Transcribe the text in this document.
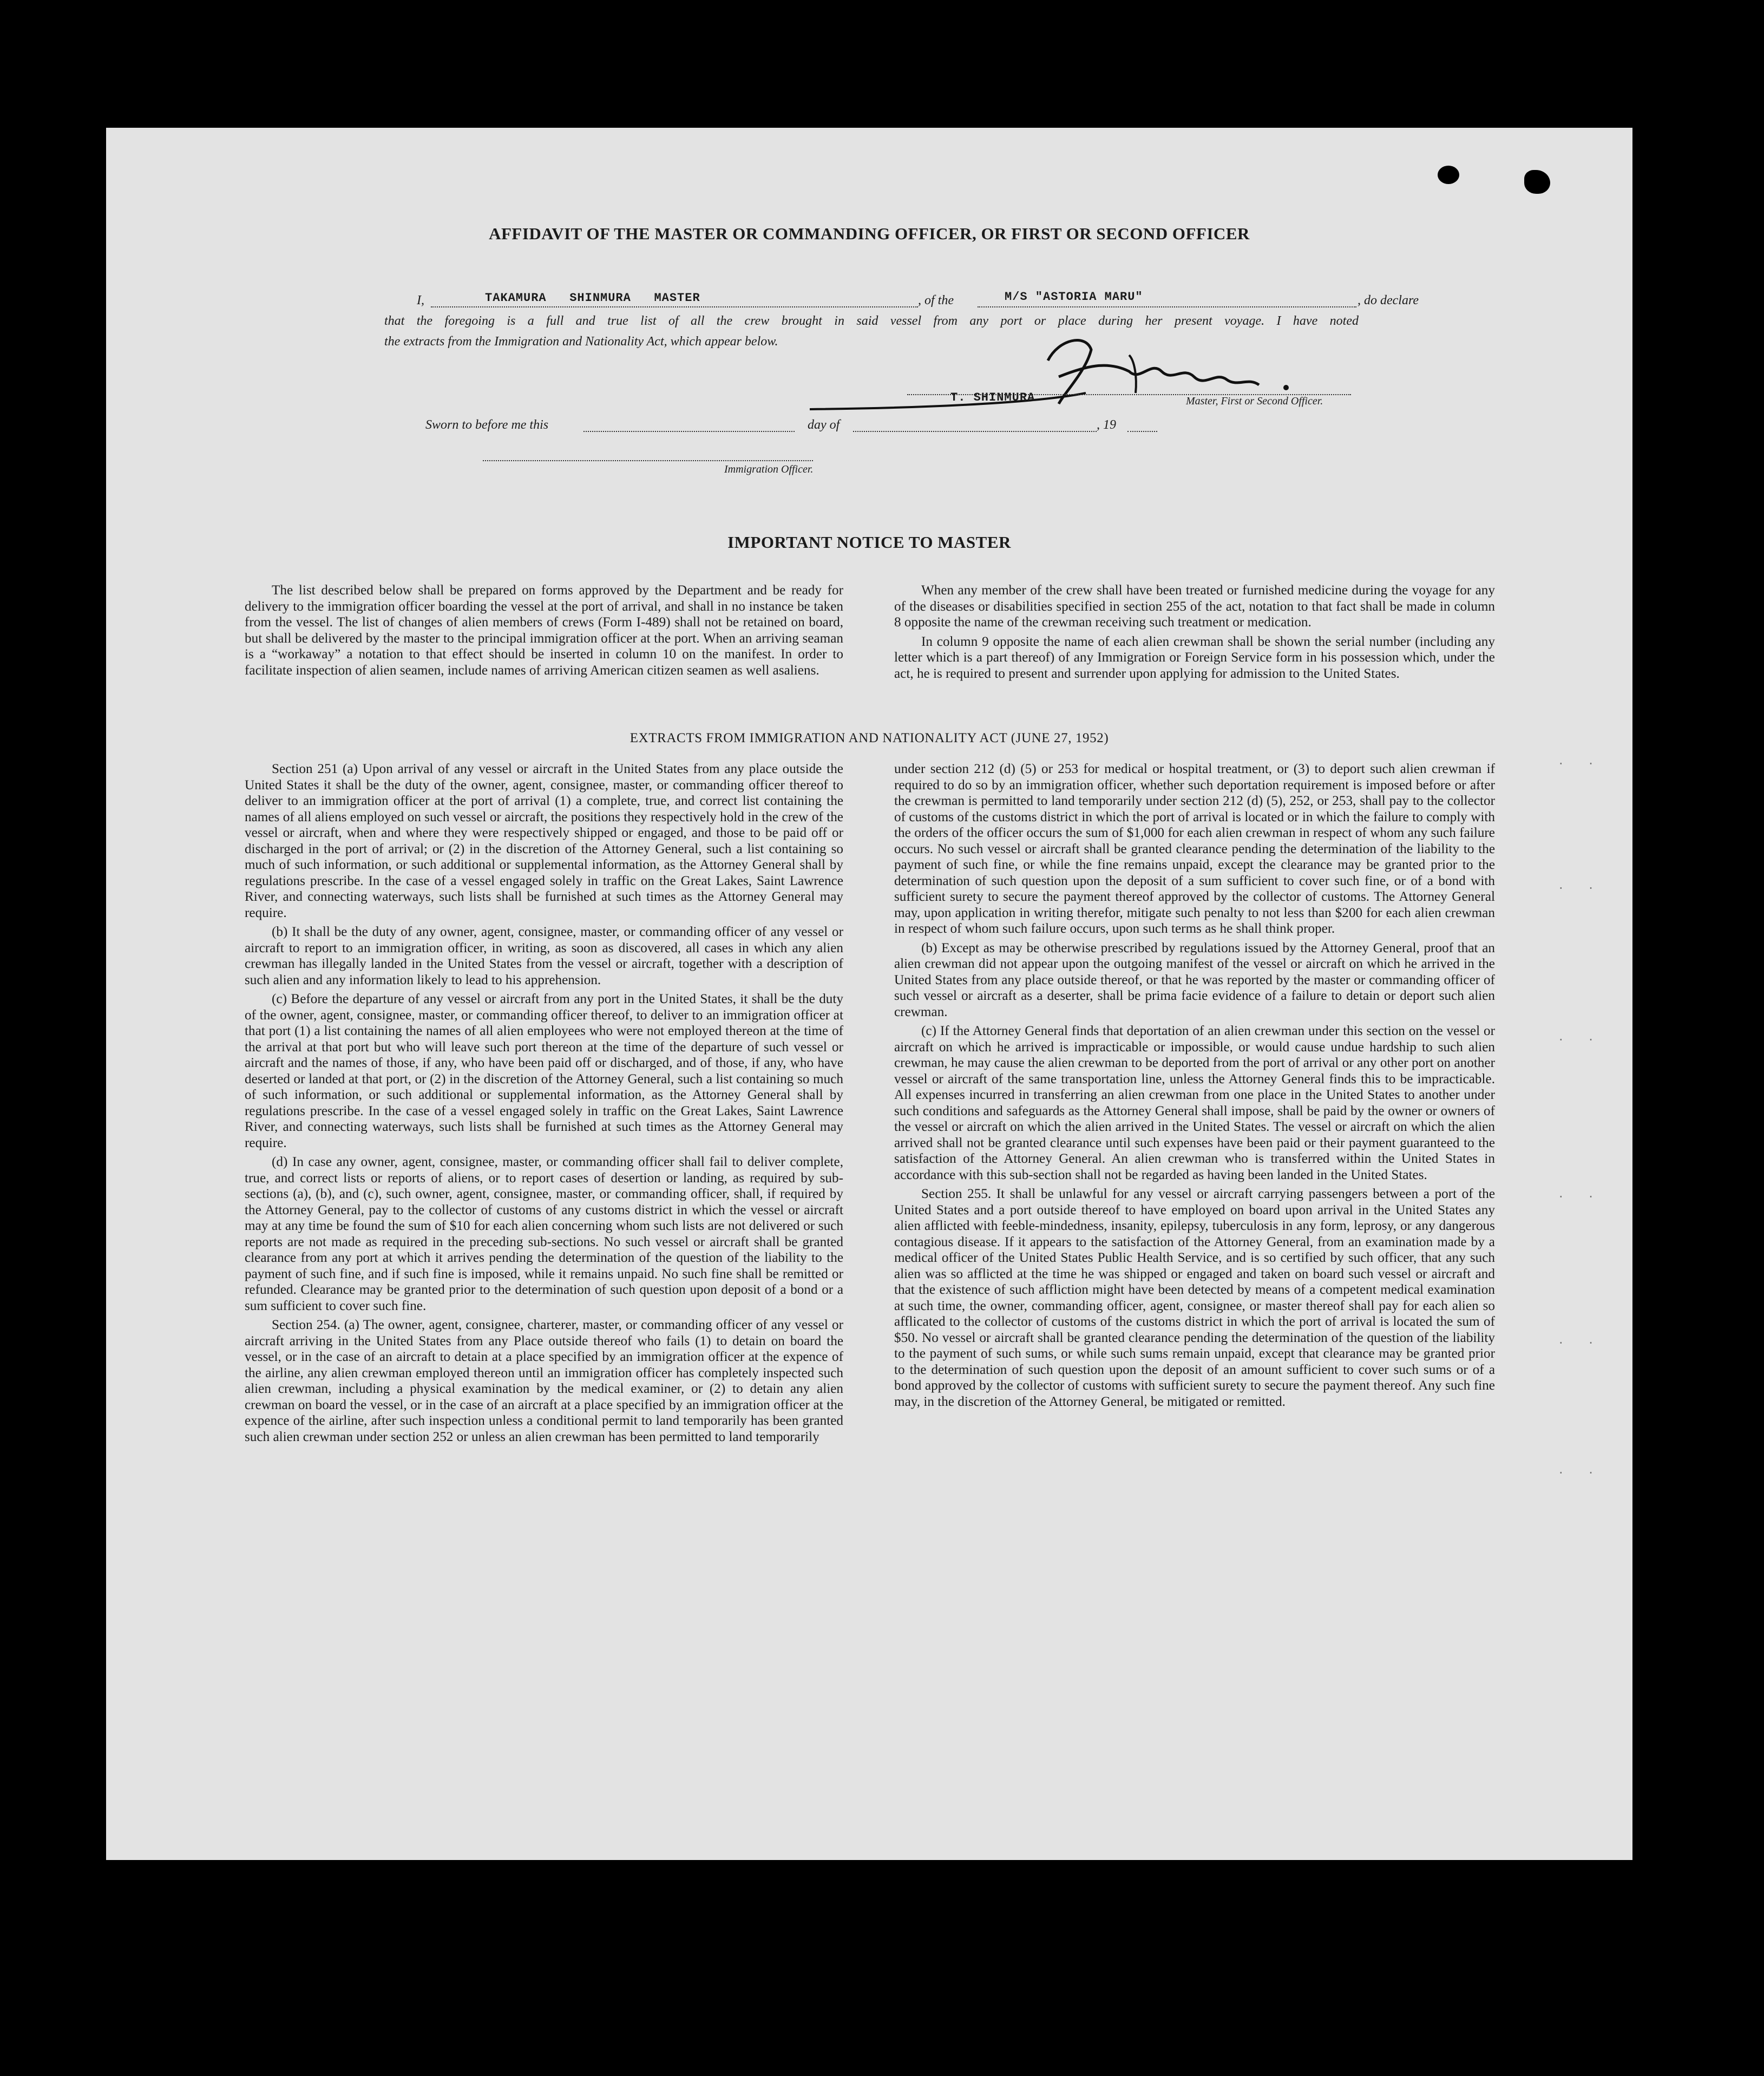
AFFIDAVIT OF THE MASTER OR COMMANDING OFFICER, OR FIRST OR SECOND OFFICER
I,	TAKAMURA   SHINMURA   MASTER	, of the	M/S "ASTORIA MARU"	, do declare
that the foregoing is a full and true list of all the crew brought in said vessel from any port or place during her present voyage. I have noted
the extracts from the Immigration and Nationality Act, which appear below.
T. SHINMURA	Master, First or Second Officer.
Sworn to before me this	day of	, 19
Immigration Officer.
IMPORTANT NOTICE TO MASTER

The list described below shall be prepared on forms approved by the Department and be ready for delivery to the immigration officer boarding the vessel at the port of arrival, and shall in no instance be taken from the vessel. The list of changes of alien members of crews (Form I-489) shall not be retained on board, but shall be delivered by the master to the principal immigration officer at the port. When an arriving seaman is a “workaway” a notation to that effect should be inserted in column 10 on the manifest. In order to facilitate inspection of alien seamen, include names of arriving American citizen seamen as well asaliens.

When any member of the crew shall have been treated or furnished medicine during the voyage for any of the diseases or disabilities specified in section 255 of the act, notation to that fact shall be made in column 8 opposite the name of the crewman receiving such treatment or medication.

In column 9 opposite the name of each alien crewman shall be shown the serial number (including any letter which is a part thereof) of any Immigration or Foreign Service form in his possession which, under the act, he is required to present and surrender upon applying for admission to the United States.

EXTRACTS FROM IMMIGRATION AND NATIONALITY ACT (JUNE 27, 1952)

Section 251 (a) Upon arrival of any vessel or aircraft in the United States from any place outside the United States it shall be the duty of the owner, agent, consignee, master, or commanding officer thereof to deliver to an immigration officer at the port of arrival (1) a complete, true, and correct list containing the names of all aliens employed on such vessel or aircraft, the positions they respectively hold in the crew of the vessel or aircraft, when and where they were respectively shipped or engaged, and those to be paid off or discharged in the port of arrival; or (2) in the discretion of the Attorney General, such a list containing so much of such information, or such additional or supplemental information, as the Attorney General shall by regulations prescribe. In the case of a vessel engaged solely in traffic on the Great Lakes, Saint Lawrence River, and connecting waterways, such lists shall be furnished at such times as the Attorney General may require.

(b) It shall be the duty of any owner, agent, consignee, master, or commanding officer of any vessel or aircraft to report to an immigration officer, in writing, as soon as discovered, all cases in which any alien crewman has illegally landed in the United States from the vessel or aircraft, together with a description of such alien and any information likely to lead to his apprehension.

(c) Before the departure of any vessel or aircraft from any port in the United States, it shall be the duty of the owner, agent, consignee, master, or commanding officer thereof, to deliver to an immigration officer at that port (1) a list containing the names of all alien employees who were not employed thereon at the time of the arrival at that port but who will leave such port thereon at the time of the departure of such vessel or aircraft and the names of those, if any, who have been paid off or discharged, and of those, if any, who have deserted or landed at that port, or (2) in the discretion of the Attorney General, such a list containing so much of such information, or such additional or supplemental information, as the Attorney General shall by regulations prescribe. In the case of a vessel engaged solely in traffic on the Great Lakes, Saint Lawrence River, and connecting waterways, such lists shall be furnished at such times as the Attorney General may require.

(d) In case any owner, agent, consignee, master, or commanding officer shall fail to deliver complete, true, and correct lists or reports of aliens, or to report cases of desertion or landing, as required by sub-sections (a), (b), and (c), such owner, agent, consignee, master, or commanding officer, shall, if required by the Attorney General, pay to the collector of customs of any customs district in which the vessel or aircraft may at any time be found the sum of $10 for each alien concerning whom such lists are not delivered or such reports are not made as required in the preceding sub-sections. No such vessel or aircraft shall be granted clearance from any port at which it arrives pending the determination of the question of the liability to the payment of such fine, and if such fine is imposed, while it remains unpaid. No such fine shall be remitted or refunded. Clearance may be granted prior to the determination of such question upon deposit of a bond or a sum sufficient to cover such fine.

Section 254. (a) The owner, agent, consignee, charterer, master, or commanding officer of any vessel or aircraft arriving in the United States from any Place outside thereof who fails (1) to detain on board the vessel, or in the case of an aircraft to detain at a place specified by an immigration officer at the expence of the airline, any alien crewman employed thereon until an immigration officer has completely inspected such alien crewman, including a physical examination by the medical examiner, or (2) to detain any alien crewman on board the vessel, or in the case of an aircraft at a place specified by an immigration officer at the expence of the airline, after such inspection unless a conditional permit to land temporarily has been granted such alien crewman under section 252 or unless an alien crewman has been permitted to land temporarily

under section 212 (d) (5) or 253 for medical or hospital treatment, or (3) to deport such alien crewman if required to do so by an immigration officer, whether such deportation requirement is imposed before or after the crewman is permitted to land temporarily under section 212 (d) (5), 252, or 253, shall pay to the collector of customs of the customs district in which the port of arrival is located or in which the failure to comply with the orders of the officer occurs the sum of $1,000 for each alien crewman in respect of whom any such failure occurs. No such vessel or aircraft shall be granted clearance pending the determination of the liability to the payment of such fine, or while the fine remains unpaid, except the clearance may be granted prior to the determination of such question upon the deposit of a sum sufficient to cover such fine, or of a bond with sufficient surety to secure the payment thereof approved by the collector of customs. The Attorney General may, upon application in writing therefor, mitigate such penalty to not less than $200 for each alien crewman in respect of whom such failure occurs, upon such terms as he shall think proper.

(b) Except as may be otherwise prescribed by regulations issued by the Attorney General, proof that an alien crewman did not appear upon the outgoing manifest of the vessel or aircraft on which he arrived in the United States from any place outside thereof, or that he was reported by the master or commanding officer of such vessel or aircraft as a deserter, shall be prima facie evidence of a failure to detain or deport such alien crewman.

(c) If the Attorney General finds that deportation of an alien crewman under this section on the vessel or aircraft on which he arrived is impracticable or impossible, or would cause undue hardship to such alien crewman, he may cause the alien crewman to be deported from the port of arrival or any other port on another vessel or aircraft of the same transportation line, unless the Attorney General finds this to be impracticable. All expenses incurred in transferring an alien crewman from one place in the United States to another under such conditions and safeguards as the Attorney General shall impose, shall be paid by the owner or owners of the vessel or aircraft on which the alien arrived in the United States. The vessel or aircraft on which the alien arrived shall not be granted clearance until such expenses have been paid or their payment guaranteed to the satisfaction of the Attorney General. An alien crewman who is transferred within the United States in accordance with this sub-section shall not be regarded as having been landed in the United States.

Section 255. It shall be unlawful for any vessel or aircraft carrying passengers between a port of the United States and a port outside thereof to have employed on board upon arrival in the United States any alien afflicted with feeble-mindedness, insanity, epilepsy, tuberculosis in any form, leprosy, or any dangerous contagious disease. If it appears to the satisfaction of the Attorney General, from an examination made by a medical officer of the United States Public Health Service, and is so certified by such officer, that any such alien was so afflicted at the time he was shipped or engaged and taken on board such vessel or aircraft and that the existence of such affliction might have been detected by means of a competent medical examination at such time, the owner, commanding officer, agent, consignee, or master thereof shall pay for each alien so afflicated to the collector of customs of the customs district in which the port of arrival is located the sum of $50. No vessel or aircraft shall be granted clearance pending the determination of the question of the liability to the payment of such sums, or while such sums remain unpaid, except that clearance may be granted prior to the determination of such question upon the deposit of an amount sufficient to cover such sums or of a bond approved by the collector of customs with sufficient surety to secure the payment thereof. Any such fine may, in the discretion of the Attorney General, be mitigated or remitted.

. .
. .
. .
. .
. .
. .
